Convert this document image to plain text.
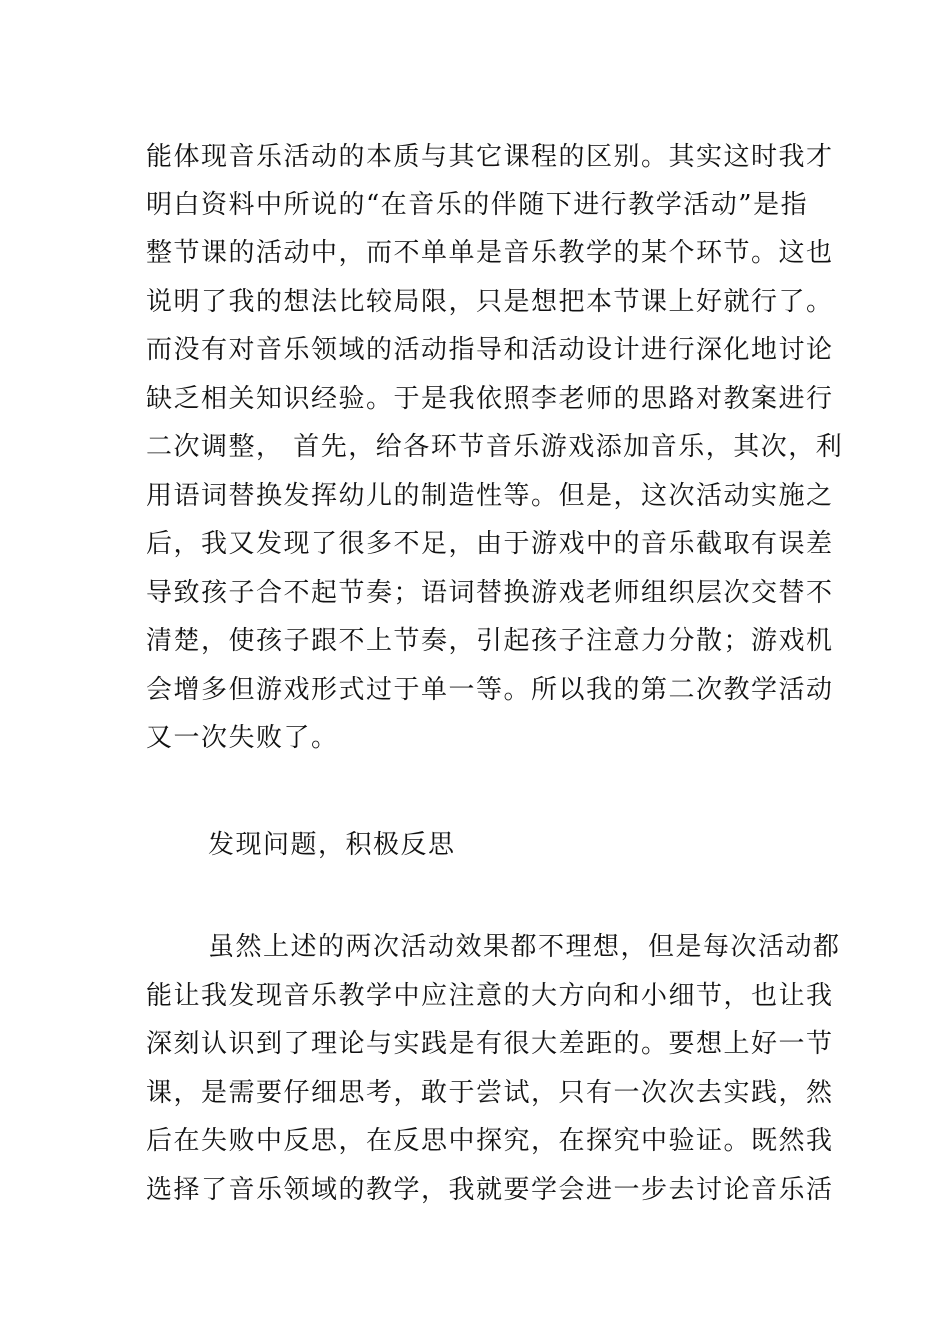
能体现音乐活动的本质与其它课程的区别。其实这时我才

明白资料中所说的“在音乐的伴随下进行教学活动”是指

整节课的活动中，而不单单是音乐教学的某个环节。这也

说明了我的想法比较局限，只是想把本节课上好就行了。

而没有对音乐领域的活动指导和活动设计进行深化地讨论

缺乏相关知识经验。于是我依照李老师的思路对教案进行

二次调整， 首先，给各环节音乐游戏添加音乐，其次，利

用语词替换发挥幼儿的制造性等。但是，这次活动实施之

后，我又发现了很多不足，由于游戏中的音乐截取有误差

导致孩子合不起节奏；语词替换游戏老师组织层次交替不

清楚，使孩子跟不上节奏，引起孩子注意力分散；游戏机

会增多但游戏形式过于单一等。所以我的第二次教学活动

又一次失败了。

发现问题，积极反思

虽然上述的两次活动效果都不理想，但是每次活动都

能让我发现音乐教学中应注意的大方向和小细节，也让我

深刻认识到了理论与实践是有很大差距的。要想上好一节

课，是需要仔细思考，敢于尝试，只有一次次去实践，然

后在失败中反思，在反思中探究，在探究中验证。既然我

选择了音乐领域的教学，我就要学会进一步去讨论音乐活
